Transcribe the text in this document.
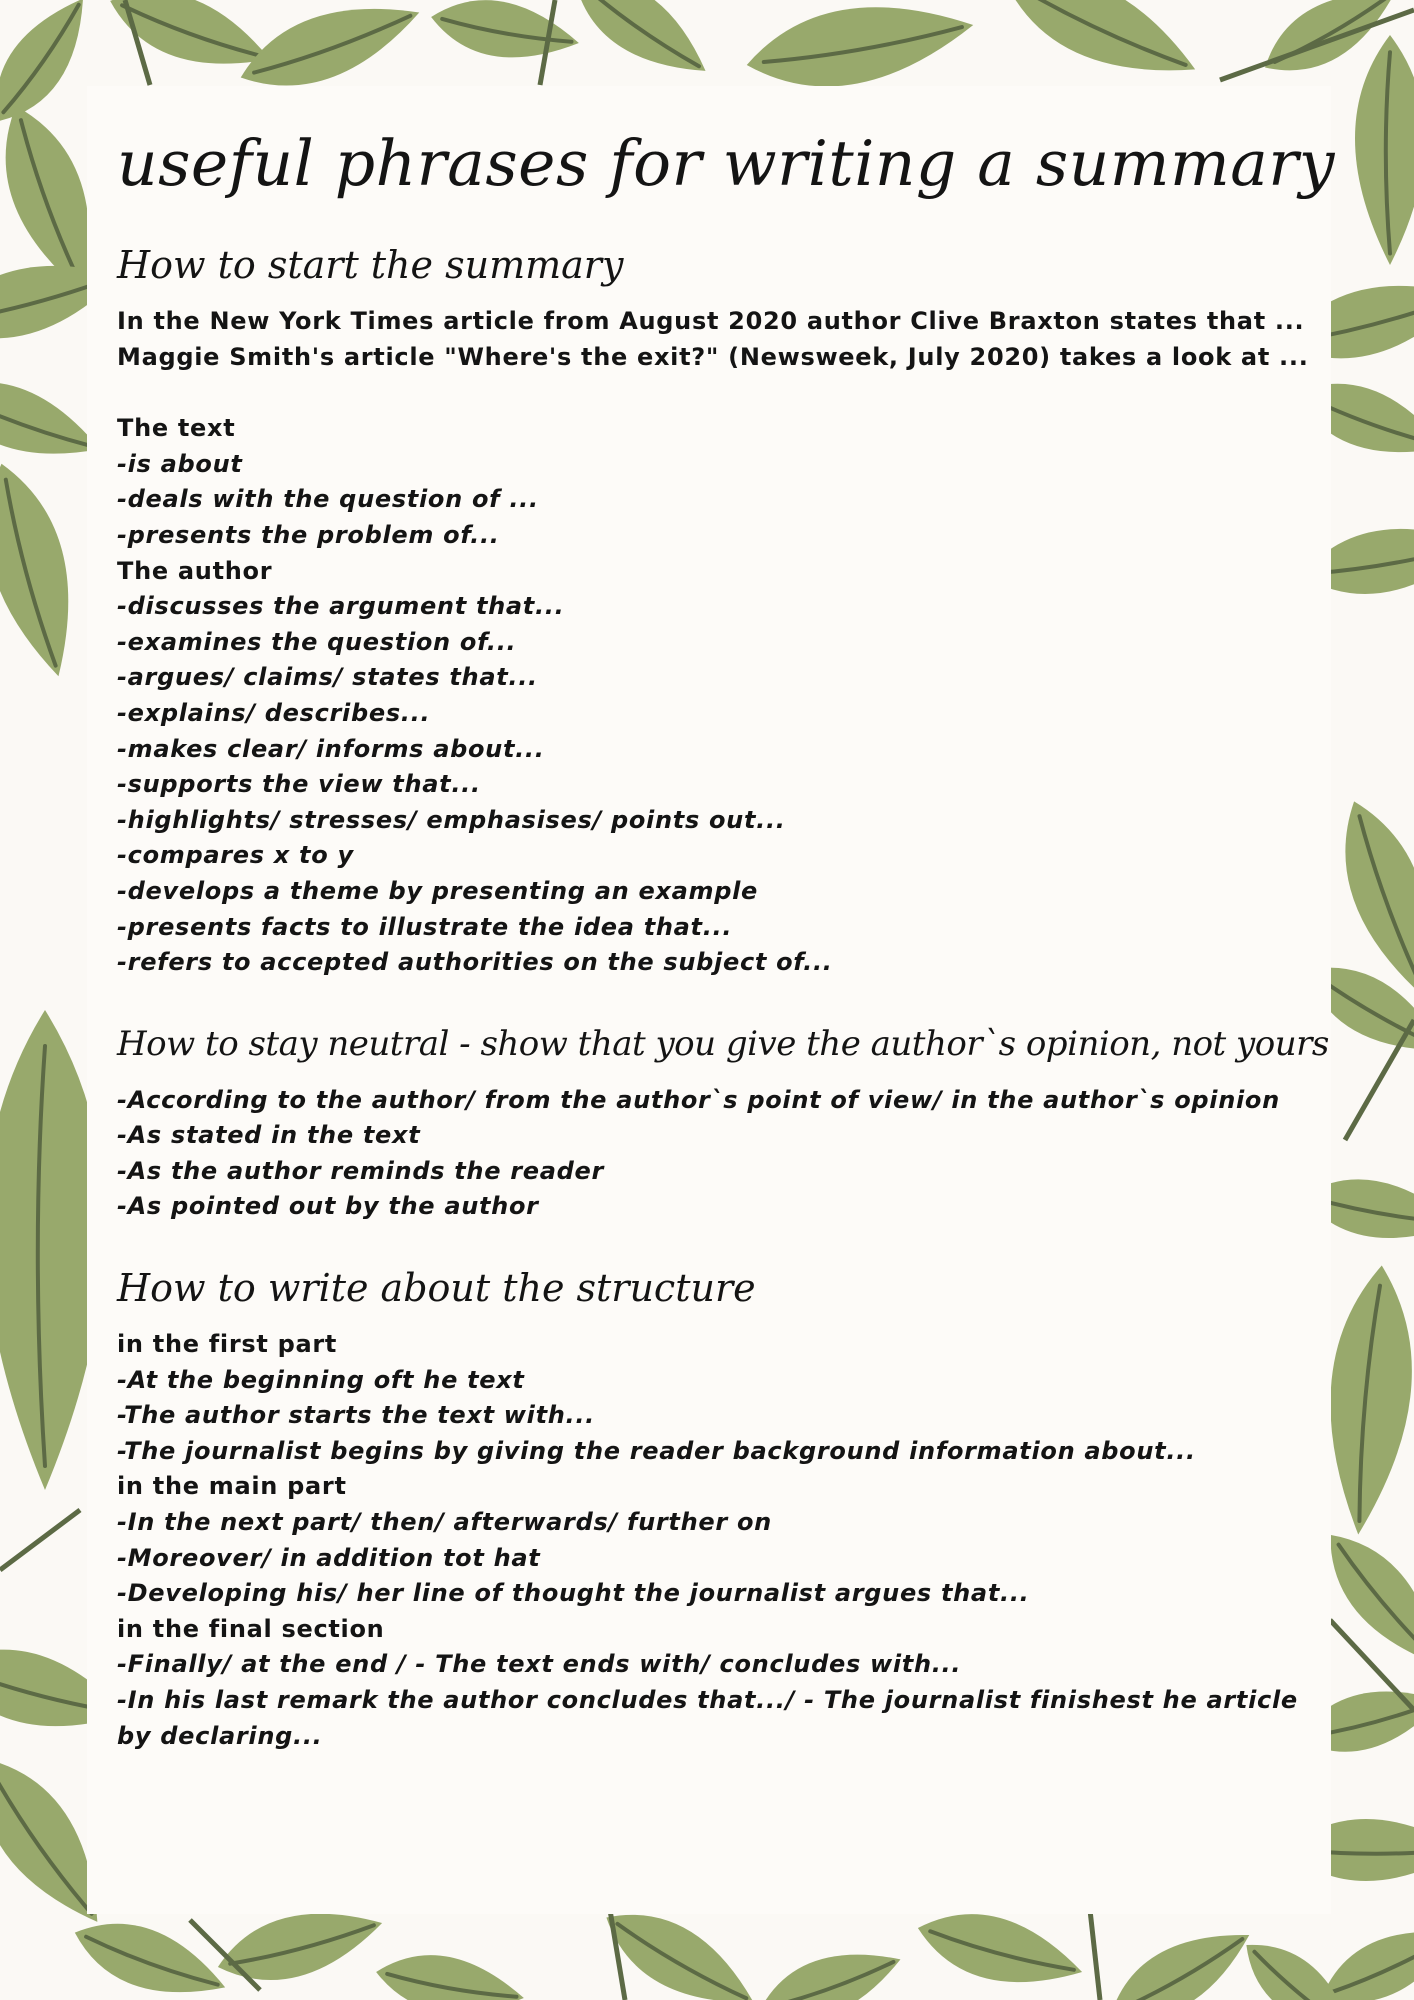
useful phrases for writing a summary
How to start the summary
In the New York Times article from August 2020 author Clive Braxton states that ...
Maggie Smith's article "Where's the exit?" (Newsweek, July 2020) takes a look at ...
The text
-is about
-deals with the question of ...
-presents the problem of...
The author
-discusses the argument that...
-examines the question of...
-argues/ claims/ states that...
-explains/ describes...
-makes clear/ informs about...
-supports the view that...
-highlights/ stresses/ emphasises/ points out...
-compares x to y
-develops a theme by presenting an example
-presents facts to illustrate the idea that...
-refers to accepted authorities on the subject of...
How to stay neutral - show that you give the author`s opinion, not yours
-According to the author/ from the author`s point of view/ in the author`s opinion
-As stated in the text
-As the author reminds the reader
-As pointed out by the author
How to write about the structure
in the first part
-At the beginning oft he text
-The author starts the text with...
-The journalist begins by giving the reader background information about...
in the main part
-In the next part/ then/ afterwards/ further on
-Moreover/ in addition tot hat
-Developing his/ her line of thought the journalist argues that...
in the final section
-Finally/ at the end / - The text ends with/ concludes with...
-In his last remark the author concludes that.../ - The journalist finishest he article by declaring...
